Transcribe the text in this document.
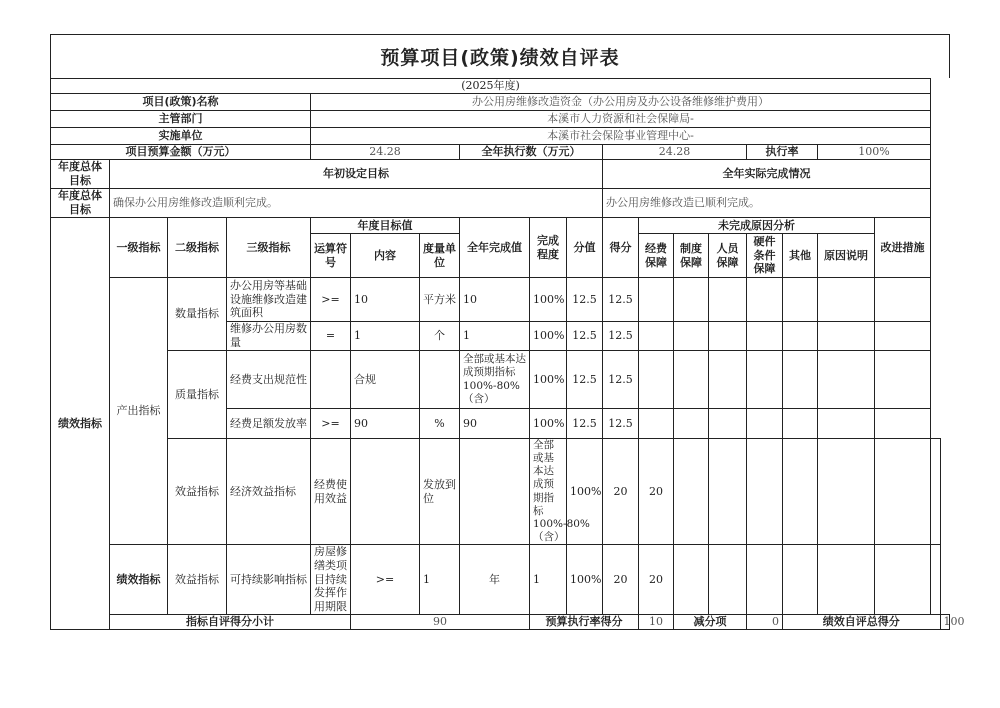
预算项目(政策)绩效自评表
(2025年度)																			
项目(政策)名称				办公用房维修改造资金（办公用房及办公设备维修维护费用）															
主管部门				本溪市人力资源和社会保障局-															
实施单位				本溪市社会保险事业管理中心-															
项目预算金额（万元）				24.28			全年执行数（万元）			24.28				执行率		100%			
年度总体目标	年初设定目标									全年实际完成情况									
年度总体目标	确保办公用房维修改造顺利完成。									办公用房维修改造已顺利完成。									
绩效指标	一级指标	二级指标	三级指标	年度目标值			全年完成值	完成程度	分值	得分	未完成原因分析						改进措施		
				运算符号	内容	度量单位					经费保障	制度保障	人员保障	硬件条件保障	其他	原因说明			

	产出指标	数量指标	办公用房等基础设施维修改造建筑面积	>=	10	平方米	10	100%	12.5	12.5									
			维修办公用房数量	=	1	个	1	100%	12.5	12.5									
		质量指标	经费支出规范性		合规		全部或基本达成预期指标100%-80%（含）	100%	12.5	12.5									
			经费足额发放率	>=	90	%	90	100%	12.5	12.5									
		效益指标	经济效益指标	经费使用效益		发放到位		全部或基本达成预期指标100%-80%（含）	100%	20	20								
	绩效指标	效益指标	可持续影响指标	房屋修缮类项目持续发挥作用期限	>=	1	年	1	100%	20	20								
	指标自评得分小计				90			预算执行率得分			10	减分项		0	绩效自评总得分				100
